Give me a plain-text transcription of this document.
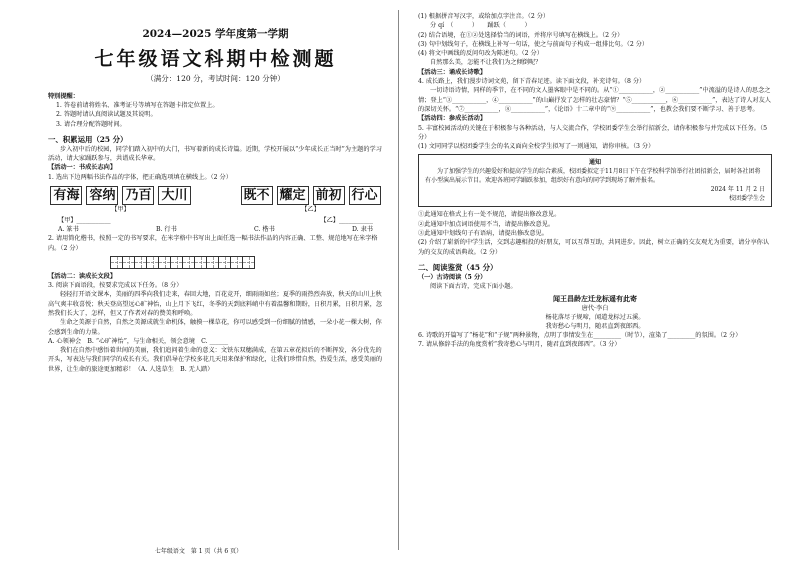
2024—2025 学年度第一学期
七年级语文科期中检测题
（满分：120 分，考试时间：120 分钟）
特别提醒：
1. 答卷前请将姓名、准考证号等填写在答题卡指定位置上。
2. 答题时请认真阅读试题及其说明。
3. 请合理分配答题时间。
一、积累运用（25 分）

步入初中后的校园，同学们踏入初中的大门，书写着新的成长诗篇。近期，学校开展以“少年成长正当时”为主题的学习活动，请大家踊跃参与，共谱成长华章。

【活动一：书成长志向】

1. 选出下边两幅书法作品的字体，把正确选项填在横线上。（2 分）

有海 容纳 乃百 大川
【甲】
既不 耀定 前初 行心
【乙】
【甲】___________	【乙】___________
A. 篆书	B. 行书	C. 楷书	D. 隶书

2. 请用简化楷书，按照一定的书写要求，在米字格中书写出上面任选一幅书法作品的内容正确、工整、规范地写在米字格内。（2 分）

【活动二：读成长文段】

3. 阅读下面语段，按要求完成以下任务。（8 分）

轻轻打开语文课本，美丽的四季向我们走来，春回大地，百花竞开，细雨雨如丝；夏季的雨热烈奔放，秋天的山川上秋高气爽丰收喜悦；秋天登高望远心旷神怡，山上月下飞红，冬季的天到底料峭中有着温馨和期盼，日积月累，日积月累，忽然我们长大了，怎样，但又了作者对春的赞美和呼唤。

生命之美源于自然，自然之美源成就生命机体，触摸一棵草花，你可以感受到一份细腻的情感，一朵小花一棵大树，你会感到生命的力量。

A. 心领神会　B. “心旷神怡”，与生命相关，领会意境　C. ______

我们在自然中感悟着世间的美丽，我们追问着生命的意义：文铁东双穗满成，在第五章花拟后的不断挥发，各分优先的开头，写表达与我们同学的成长有关。我们倡导在学校多花几天用来保护和绿化，让我们珍惜自然，热爱生活，感受美丽的世界，让生命的旅途更加精彩！（A. 人选草生　B. 无人踏）

七年级语文　第 1 页（共 6 页）

(1) 根据拼音写汉字，或给加点字注音。（2 分）

分 qí　（　　　）　　踊跃（　　　）

(2) 结合语境，在①②处选择恰当的词语，并将序号填写在横线上。（2 分）

(3) 句中划线句子，在横线上补写一句话，使之与前面句子构成一组排比句。（2 分）

(4) 将文中画线的反问句改为陈述句。（2 分）

自然那么美，怎能不让我们为之倾倒呢？

【活动三：诵成长诗歌】

4. 成长路上，我们漫步诗词文苑，留下青春足迹。读下面文段，补充诗句。（8 分）

一切诗语诗情，同样的季节，在不同的文人墨客眼中是不同的。从“①___________，②___________”中流溢的是诗人的思念之情；登上“③___________，④___________”的山巅抒发了怎样的壮志豪情？“⑤___________，⑥___________”，表达了诗人对友人的深切关怀。“⑦___________，⑧___________”，《论语》十二章中的“⑨___________”，也教会我们要不断学习、善于思考。

【活动四：参成长活动】

5. 丰富校园活动的关键在于积极参与各种活动，与人交流合作，学校团委学生会举行招新会，请你积极参与并完成以下任务。（5 分）

(1) 文同同学以校团委学生会的名义面向全校学生拟写了一则通知，请你审核。（3 分）

通知
为了加强学生的兴趣爱好和提高学生的综合素质，校团委拟定于11月8日下午在学校科学馆举行社团招新会，届时各社团将有小型演出展示节目。欢迎各班同学踊跃参加，组织好有意向的同学到现场了解并报名。
2024 年 11 月 2 日
校团委学生会

①此通知在格式上有一处不规范，请提出修改意见。

②此通知中加点词语使用不当，请提出修改意见。

③此通知中划线句子有语病，请提出修改意见。

(2) 介绍了崭新的中学生活，交到志趣相投的好朋友，可以互帮互助，共同进步。因此，树立正确的交友观尤为重要，请分享你认为的交友的成语典故。（2 分）

二、阅读鉴赏（45 分）

（一）古诗阅读（5 分）

阅读下面古诗，完成下面小题。

闻王昌龄左迁龙标遥有此寄
唐代·李白
杨花落尽子规啼，闻道龙标过五溪。
我寄愁心与明月，随君直到夜郎西。

6. 诗歌的开篇写了“杨花”和“子规”两种景物，点明了事情发生在_________（时节），渲染了_________的氛围。（2 分）

7. 请从修辞手法的角度赏析“我寄愁心与明月，随君直到夜郎西”。（3 分）
